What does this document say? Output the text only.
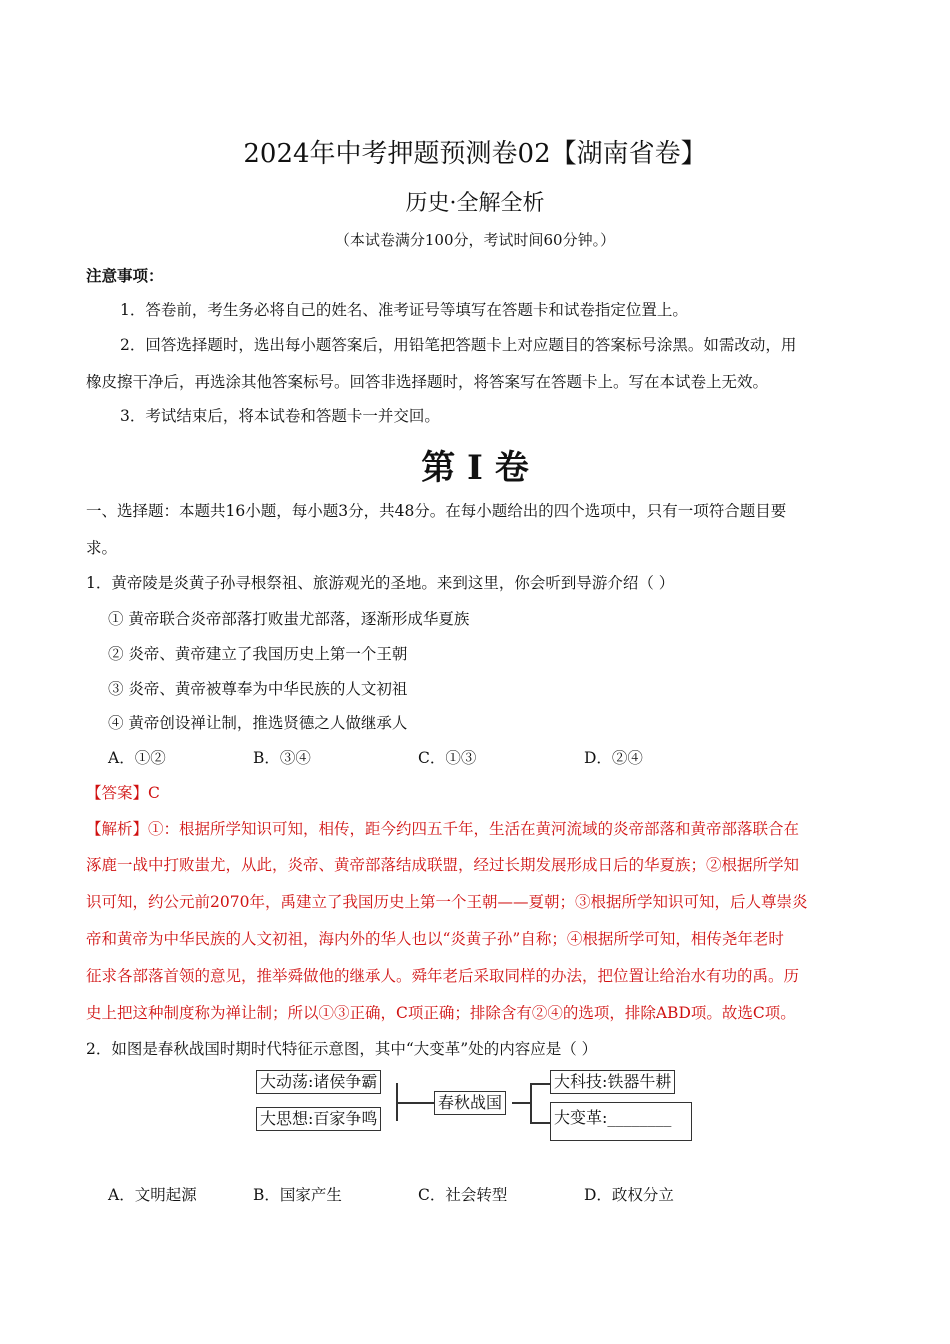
2024年中考押题预测卷02【湖南省卷】
历史·全解全析
（本试卷满分100分，考试时间60分钟。）
注意事项：
1．答卷前，考生务必将自己的姓名、准考证号等填写在答题卡和试卷指定位置上。
2．回答选择题时，选出每小题答案后，用铅笔把答题卡上对应题目的答案标号涂黑。如需改动，用
橡皮擦干净后，再选涂其他答案标号。回答非选择题时，将答案写在答题卡上。写在本试卷上无效。
3．考试结束后，将本试卷和答题卡一并交回。
第 I 卷
一、选择题：本题共16小题，每小题3分，共48分。在每小题给出的四个选项中，只有一项符合题目要
求。
1．黄帝陵是炎黄子孙寻根祭祖、旅游观光的圣地。来到这里，你会听到导游介绍（ ）
① 黄帝联合炎帝部落打败蚩尤部落，逐渐形成华夏族
② 炎帝、黄帝建立了我国历史上第一个王朝
③ 炎帝、黄帝被尊奉为中华民族的人文初祖
④ 黄帝创设禅让制，推选贤德之人做继承人
A．①②	B．③④	C．①③	D．②④
【答案】C
【解析】①：根据所学知识可知，相传，距今约四五千年，生活在黄河流域的炎帝部落和黄帝部落联合在
涿鹿一战中打败蚩尤，从此，炎帝、黄帝部落结成联盟，经过长期发展形成日后的华夏族；②根据所学知
识可知，约公元前2070年，禹建立了我国历史上第一个王朝——夏朝；③根据所学知识可知，后人尊崇炎
帝和黄帝为中华民族的人文初祖，海内外的华人也以“炎黄子孙”自称；④根据所学可知，相传尧年老时
征求各部落首领的意见，推举舜做他的继承人。舜年老后采取同样的办法，把位置让给治水有功的禹。历
史上把这种制度称为禅让制；所以①③正确，C项正确；排除含有②④的选项，排除ABD项。故选C项。
2．如图是春秋战国时期时代特征示意图，其中“大变革”处的内容应是（ ）
大动荡:诸侯争霸
大思想:百家争鸣
春秋战国
大科技:铁器牛耕
大变革:________
A．文明起源	B．国家产生	C．社会转型	D．政权分立
